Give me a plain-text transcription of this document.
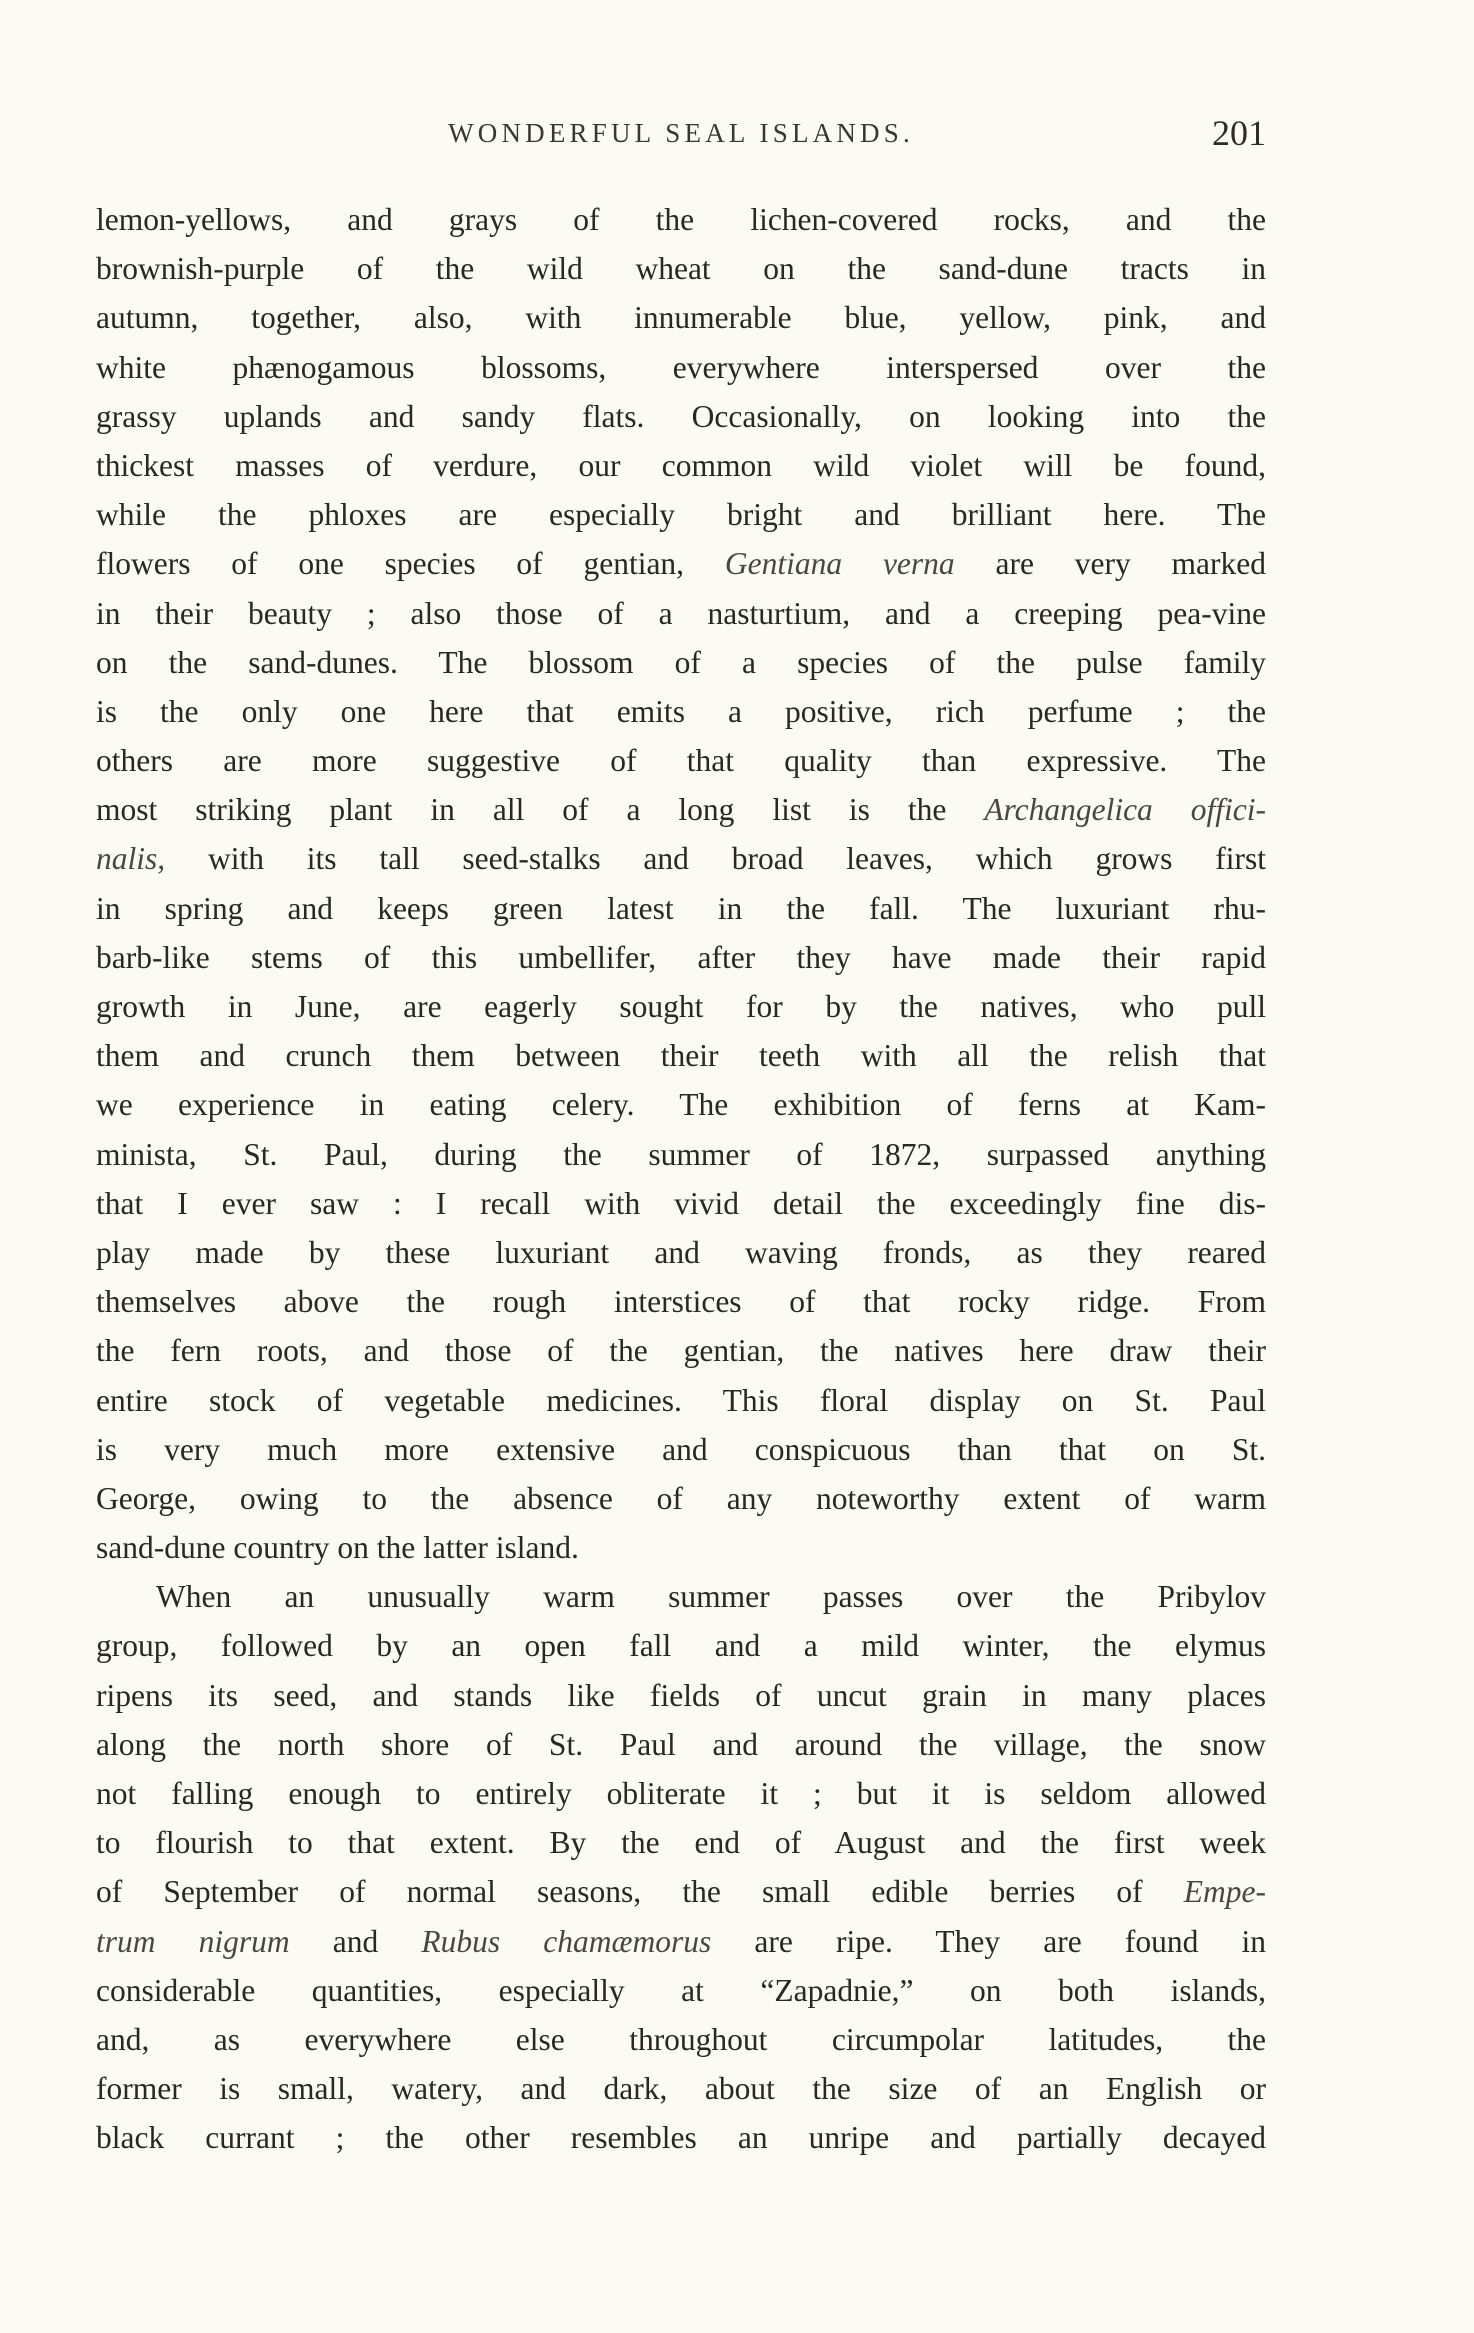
WONDERFUL SEAL ISLANDS.	201
lemon-yellows, and grays of the lichen-covered rocks, and the
brownish-purple of the wild wheat on the sand-dune tracts in
autumn, together, also, with innumerable blue, yellow, pink, and
white phænogamous blossoms, everywhere interspersed over the
grassy uplands and sandy flats. Occasionally, on looking into the
thickest masses of verdure, our common wild violet will be found,
while the phloxes are especially bright and brilliant here. The
flowers of one species of gentian, Gentiana verna are very marked
in their beauty ; also those of a nasturtium, and a creeping pea-vine
on the sand-dunes. The blossom of a species of the pulse family
is the only one here that emits a positive, rich perfume ; the
others are more suggestive of that quality than expressive. The
most striking plant in all of a long list is the Archangelica offici-
nalis, with its tall seed-stalks and broad leaves, which grows first
in spring and keeps green latest in the fall. The luxuriant rhu-
barb-like stems of this umbellifer, after they have made their rapid
growth in June, are eagerly sought for by the natives, who pull
them and crunch them between their teeth with all the relish that
we experience in eating celery. The exhibition of ferns at Kam-
minista, St. Paul, during the summer of 1872, surpassed anything
that I ever saw : I recall with vivid detail the exceedingly fine dis-
play made by these luxuriant and waving fronds, as they reared
themselves above the rough interstices of that rocky ridge. From
the fern roots, and those of the gentian, the natives here draw their
entire stock of vegetable medicines. This floral display on St. Paul
is very much more extensive and conspicuous than that on St.
George, owing to the absence of any noteworthy extent of warm
sand-dune country on the latter island.
When an unusually warm summer passes over the Pribylov
group, followed by an open fall and a mild winter, the elymus
ripens its seed, and stands like fields of uncut grain in many places
along the north shore of St. Paul and around the village, the snow
not falling enough to entirely obliterate it ; but it is seldom allowed
to flourish to that extent. By the end of August and the first week
of September of normal seasons, the small edible berries of Empe-
trum nigrum and Rubus chamæmorus are ripe. They are found in
considerable quantities, especially at “Zapadnie,” on both islands,
and, as everywhere else throughout circumpolar latitudes, the
former is small, watery, and dark, about the size of an English or
black currant ; the other resembles an unripe and partially decayed
